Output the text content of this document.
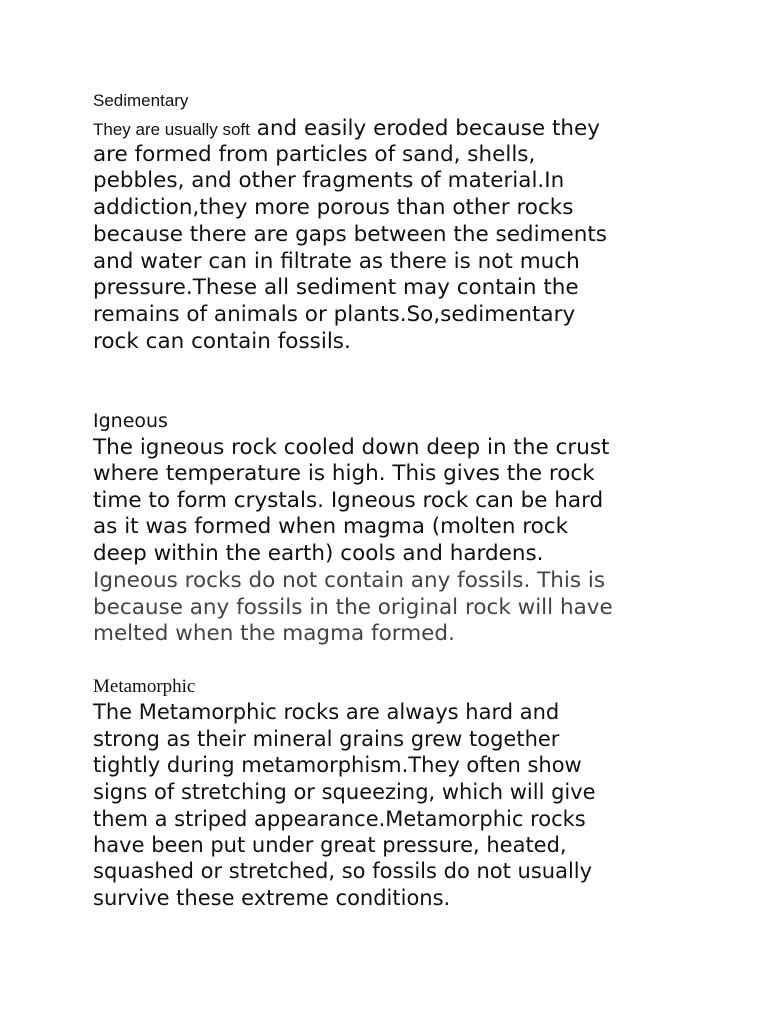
Sedimentary
They are usually soft and easily eroded because they
are formed from particles of sand, shells,
pebbles, and other fragments of material.In
addiction,they more porous than other rocks
because there are gaps between the sediments
and water can in filtrate as there is not much
pressure.These all sediment may contain the
remains of animals or plants.So,sedimentary
rock can contain fossils.
Igneous
The igneous rock cooled down deep in the crust
where temperature is high. This gives the rock
time to form crystals. Igneous rock can be hard
as it was formed when magma (molten rock
deep within the earth) cools and hardens.
Igneous rocks do not contain any fossils. This is
because any fossils in the original rock will have
melted when the magma formed.
Metamorphic
The Metamorphic rocks are always hard and
strong as their mineral grains grew together
tightly during metamorphism.They often show
signs of stretching or squeezing, which will give
them a striped appearance.Metamorphic rocks
have been put under great pressure, heated,
squashed or stretched, so fossils do not usually
survive these extreme conditions.
